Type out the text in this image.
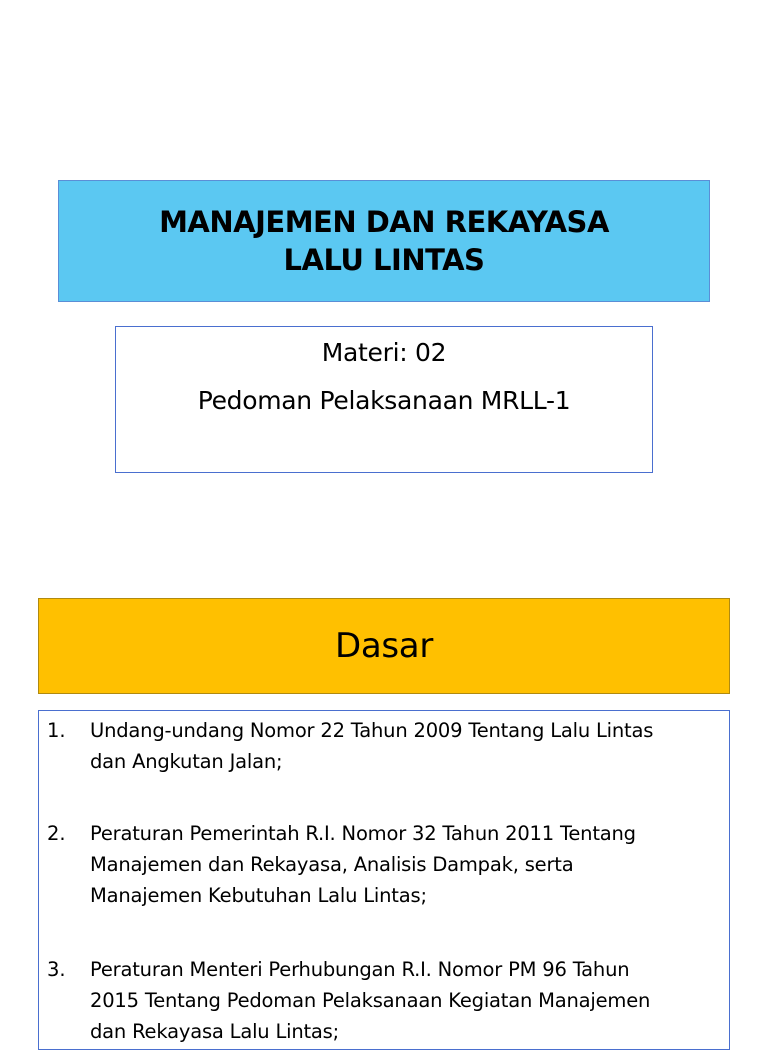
MANAJEMEN DAN REKAYASA
LALU LINTAS
Materi: 02
Pedoman Pelaksanaan MRLL-1
Dasar
1. Undang-undang Nomor 22 Tahun 2009 Tentang Lalu Lintas
dan Angkutan Jalan;
2. Peraturan Pemerintah R.I. Nomor 32 Tahun 2011 Tentang
Manajemen dan Rekayasa, Analisis Dampak, serta
Manajemen Kebutuhan Lalu Lintas;
3. Peraturan Menteri Perhubungan R.I. Nomor PM 96 Tahun
2015 Tentang Pedoman Pelaksanaan Kegiatan Manajemen
dan Rekayasa Lalu Lintas;
